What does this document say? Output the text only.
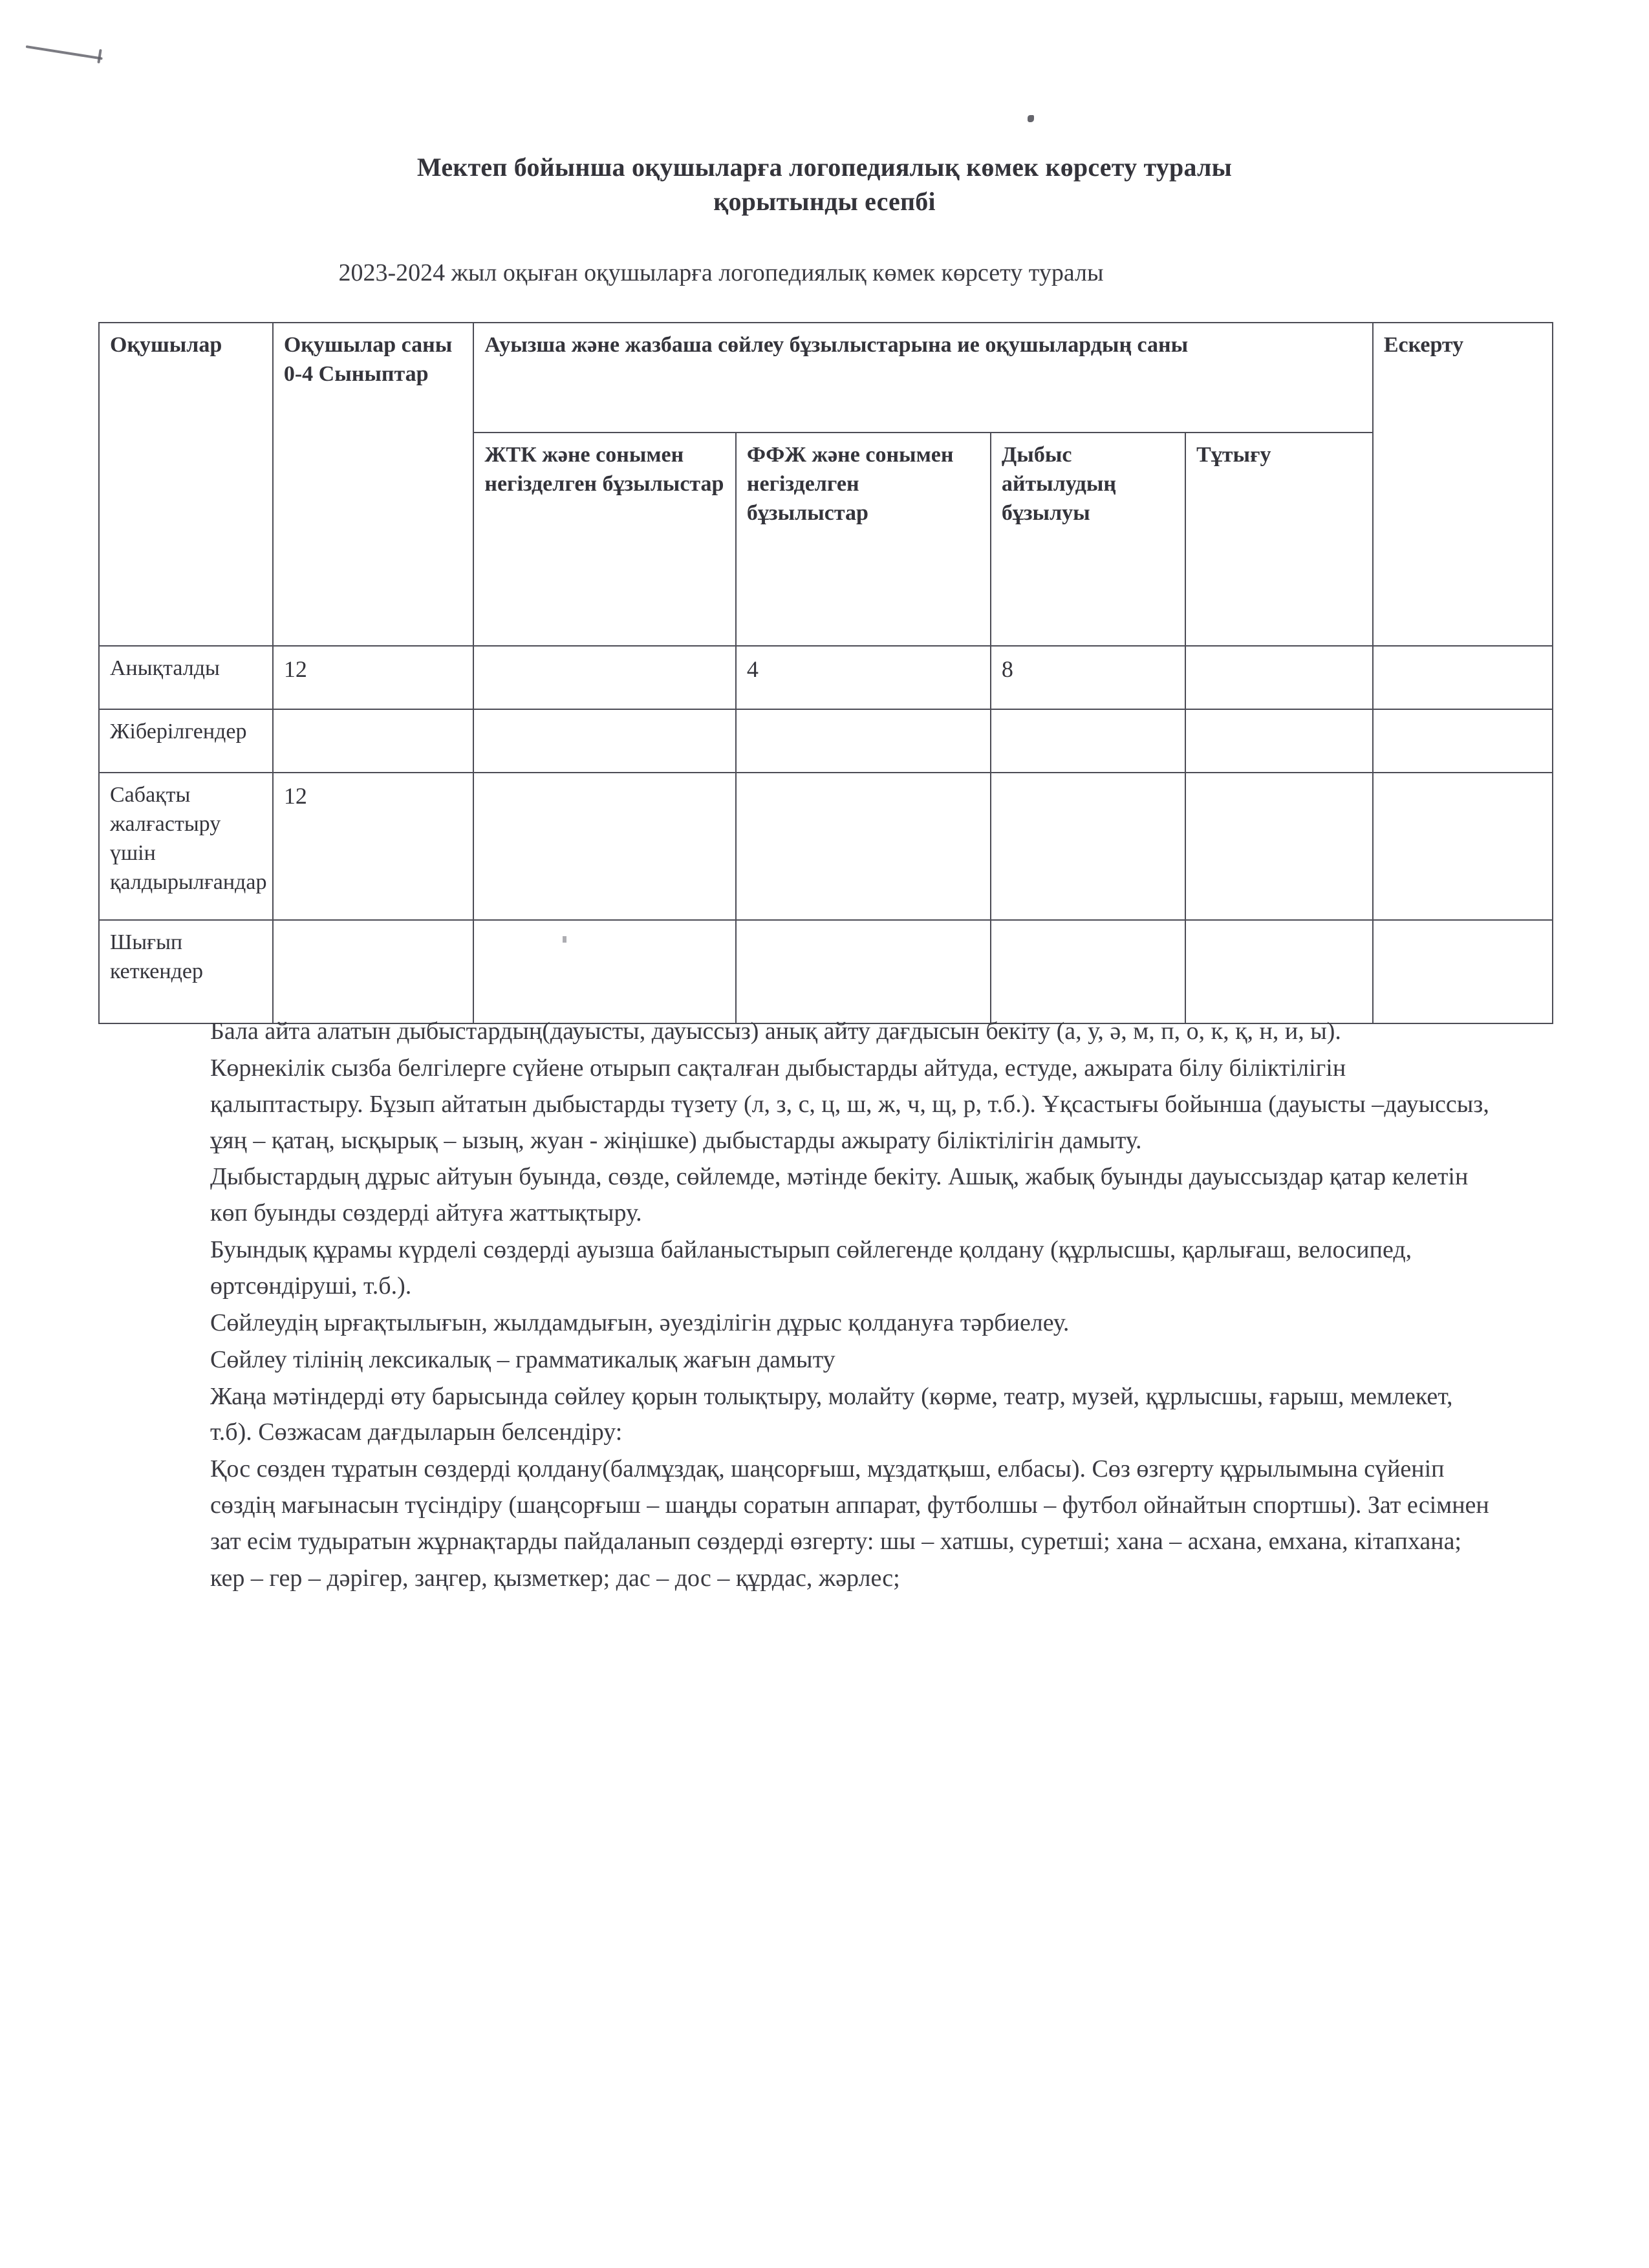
Мектеп бойынша оқушыларға логопедиялық көмек көрсету туралы
қорытынды есепбі
2023-2024 жыл оқыған оқушыларға логопедиялық көмек көрсету туралы
Оқушылар	Оқушылар саны 0-4 Сыныптар	Ауызша және жазбаша сөйлеу бұзылыстарына ие оқушылардың саны				Ескерту
		ЖТК және сонымен негізделген бұзылыстар	ФФЖ және сонымен негізделген бұзылыстар	Дыбыс айтылудың бұзылуы	Тұтығу	
Анықталды	12		4	8		
Жіберілгендер						
Сабақты жалғастыру үшін қалдырылғандар	12					
Шығып кеткендер						

Бала айта алатын дыбыстардың(дауысты, дауыссыз) анық айту дағдысын бекіту (а, у, ә, м, п, о, к, қ, н, и, ы).

Көрнекілік сызба белгілерге сүйене отырып сақталған дыбыстарды айтуда, естуде, ажырата білу біліктілігін қалыптастыру. Бұзып айтатын дыбыстарды түзету (л, з, с, ц, ш, ж, ч, щ, р, т.б.). Ұқсастығы бойынша (дауысты –дауыссыз, ұяң – қатаң, ысқырық – ызың, жуан - жіңішке) дыбыстарды ажырату біліктілігін дамыту.

Дыбыстардың дұрыс айтуын буында, сөзде, сөйлемде, мәтінде бекіту. Ашық, жабық буынды дауыссыздар қатар келетін көп буынды сөздерді айтуға жаттықтыру.

Буындық құрамы күрделі сөздерді ауызша байланыстырып сөйлегенде қолдану (құрлысшы, қарлығаш, велосипед, өртсөндіруші, т.б.).

Сөйлеудің ырғақтылығын, жылдамдығын, әуезділігін дұрыс қолдануға тәрбиелеу.

Сөйлеу тілінің лексикалық – грамматикалық жағын дамыту

Жаңа мәтіндерді өту барысында сөйлеу қорын толықтыру, молайту (көрме, театр, музей, құрлысшы, ғарыш, мемлекет, т.б). Сөзжасам дағдыларын белсендіру:

Қос сөзден тұратын сөздерді қолдану(балмұздақ, шаңсорғыш, мұздатқыш, елбасы). Сөз өзгерту құрылымына сүйеніп сөздің мағынасын түсіндіру (шаңсорғыш – шаңды соратын аппарат, футболшы – футбол ойнайтын спортшы). Зат есімнен зат есім тудыратын жұрнақтарды пайдаланып сөздерді өзгерту: шы – хатшы, суретші; хана – асхана, емхана, кітапхана;

кер – гер – дәрігер, заңгер, қызметкер; дас – дос – құрдас, жәрлес;
